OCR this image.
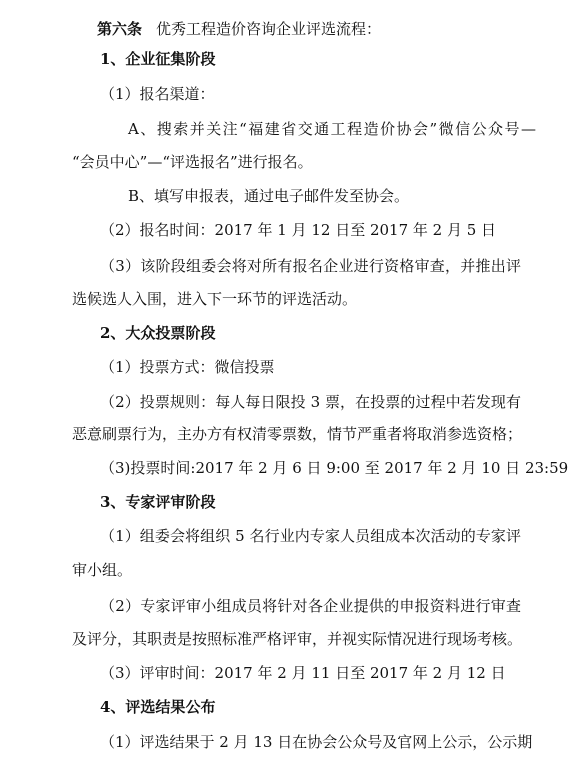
第六条 优秀工程造价咨询企业评选流程：
1、企业征集阶段
（1）报名渠道：
A、搜索并关注“福建省交通工程造价协会”微信公众号—
“会员中心”—“评选报名”进行报名。
B、填写申报表，通过电子邮件发至协会。
（2）报名时间：2017 年 1 月 12 日至 2017 年 2 月 5 日
（3）该阶段组委会将对所有报名企业进行资格审查，并推出评
选候选人入围，进入下一环节的评选活动。
2、大众投票阶段
（1）投票方式：微信投票
（2）投票规则：每人每日限投 3 票，在投票的过程中若发现有
恶意刷票行为，主办方有权清零票数，情节严重者将取消参选资格；
（3)投票时间:2017 年 2 月 6 日 9:00 至 2017 年 2 月 10 日 23:59
3、专家评审阶段
（1）组委会将组织 5 名行业内专家人员组成本次活动的专家评
审小组。
（2）专家评审小组成员将针对各企业提供的申报资料进行审查
及评分，其职责是按照标准严格评审，并视实际情况进行现场考核。
（3）评审时间：2017 年 2 月 11 日至 2017 年 2 月 12 日
4、评选结果公布
（1）评选结果于 2 月 13 日在协会公众号及官网上公示，公示期
